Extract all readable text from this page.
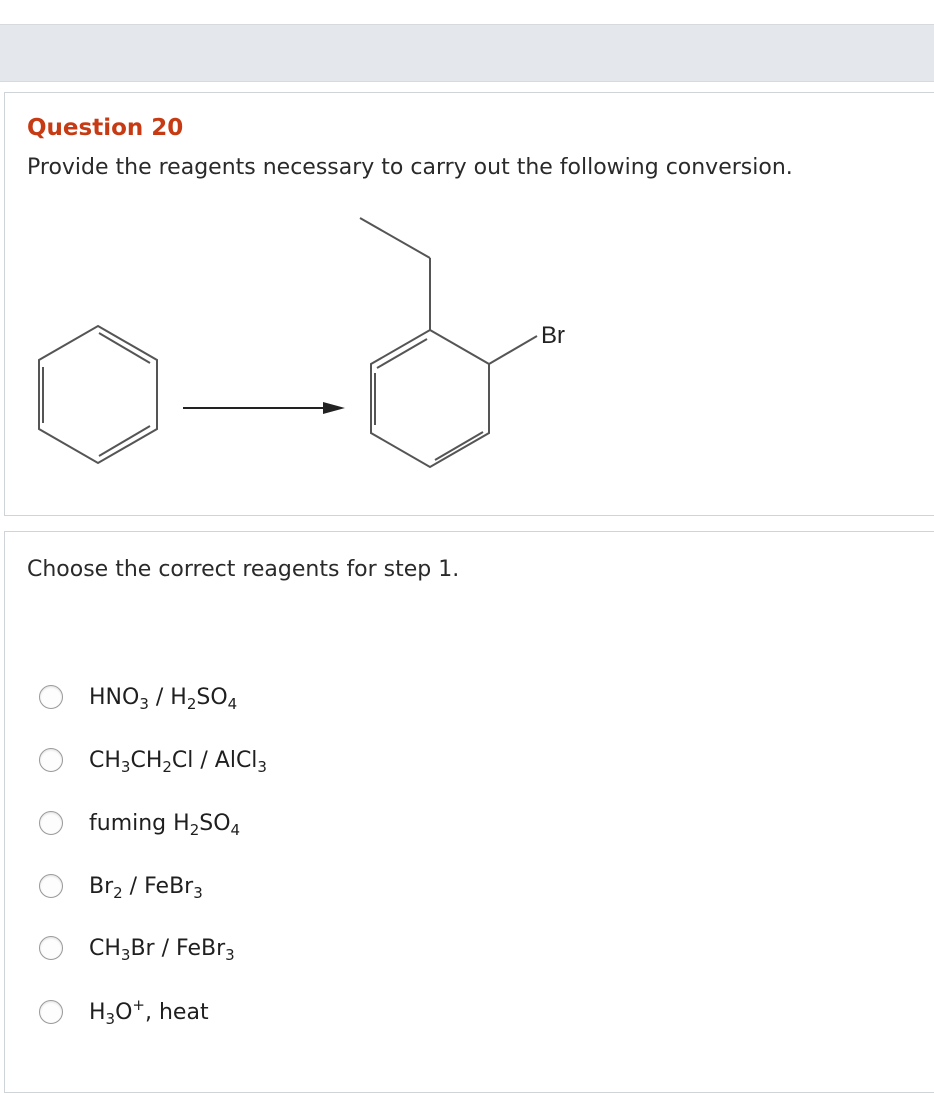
Question 20
Provide the reagents necessary to carry out the following conversion.
Br
Choose the correct reagents for step 1.
$HNO_3 / H_2SO_4$
$CH_3CH_2Cl$ / AlCl$_3$
fuming $H_2SO_4$
$Br_2$ / FeBr$_3$
$CH_3Br$ / FeBr$_3$
$H_3O^+$, heat
